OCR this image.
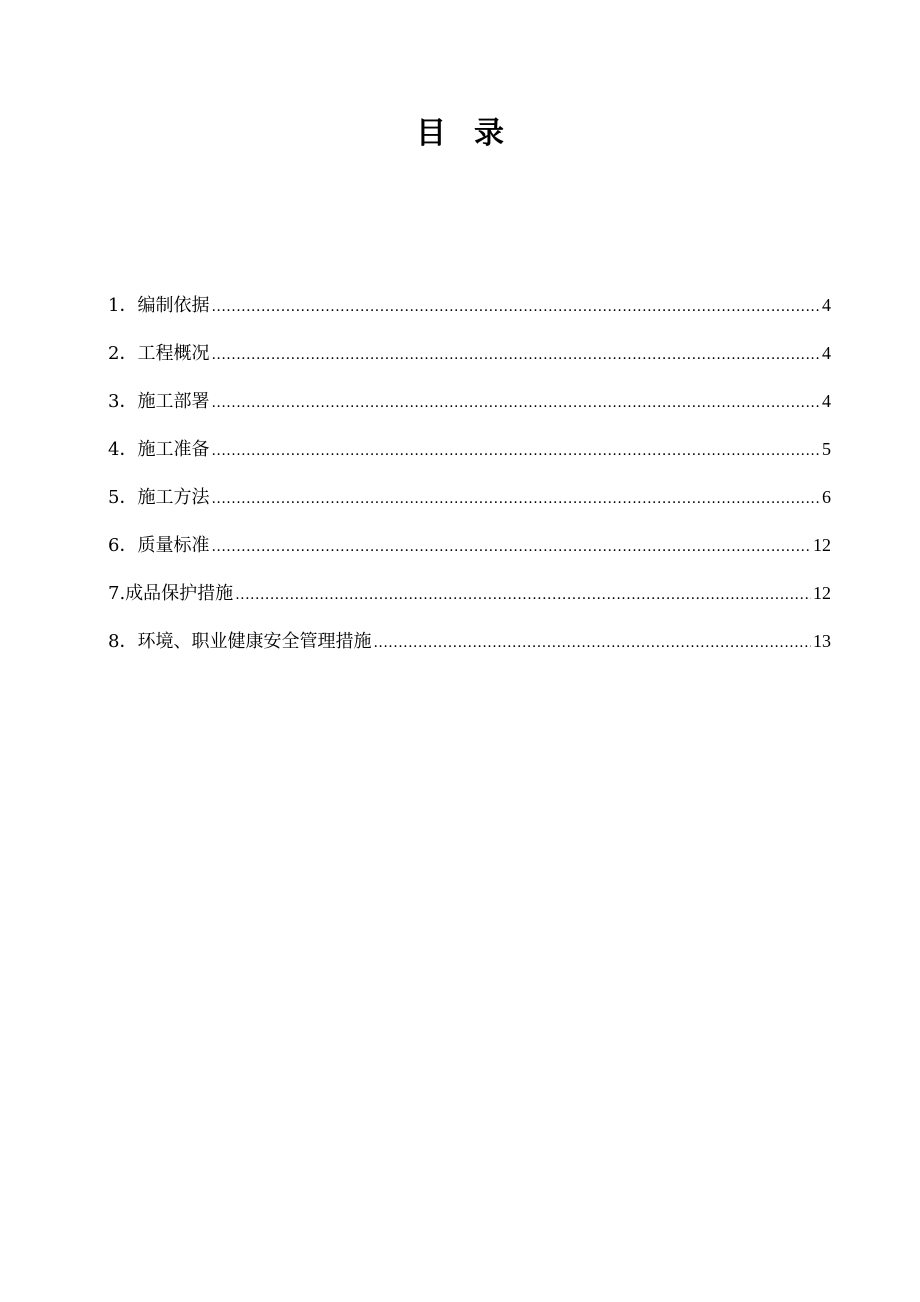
目录
1．编制依据 .....	4
2．工程概况 .....	4
3．施工部署 .....	4
4．施工准备 .....	5
5．施工方法 .....	6
6．质量标准 .....	12
7.成品保护措施 .....	12
8．环境、职业健康安全管理措施 .....	13
